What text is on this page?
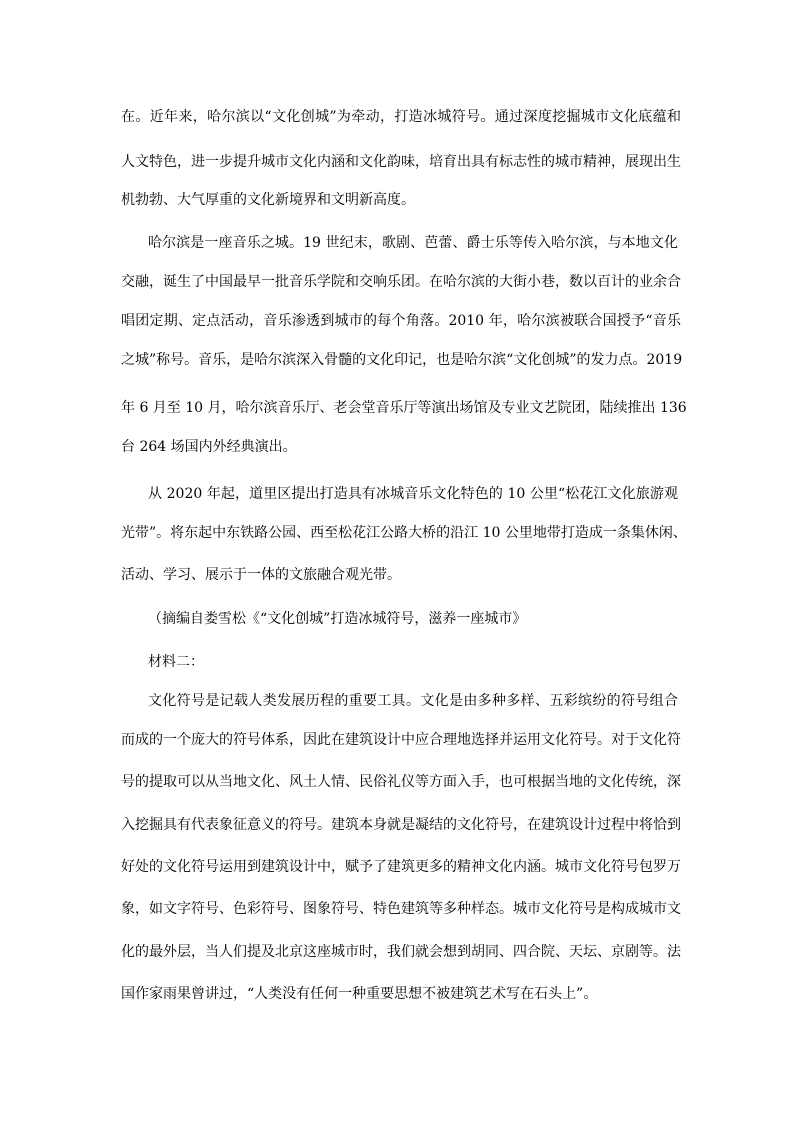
在。近年来，哈尔滨以“文化创城”为牵动，打造冰城符号。通过深度挖掘城市文化底蕴和
人文特色，进一步提升城市文化内涵和文化韵味，培育出具有标志性的城市精神，展现出生
机勃勃、大气厚重的文化新境界和文明新高度。
哈尔滨是一座音乐之城。19 世纪末，歌剧、芭蕾、爵士乐等传入哈尔滨，与本地文化
交融，诞生了中国最早一批音乐学院和交响乐团。在哈尔滨的大街小巷，数以百计的业余合
唱团定期、定点活动，音乐渗透到城市的每个角落。2010 年，哈尔滨被联合国授予“音乐
之城”称号。音乐，是哈尔滨深入骨髓的文化印记，也是哈尔滨“文化创城”的发力点。2019
年 6 月至 10 月，哈尔滨音乐厅、老会堂音乐厅等演出场馆及专业文艺院团，陆续推出 136
台 264 场国内外经典演出。
从 2020 年起，道里区提出打造具有冰城音乐文化特色的 10 公里“松花江文化旅游观
光带”。将东起中东铁路公园、西至松花江公路大桥的沿江 10 公里地带打造成一条集休闲、
活动、学习、展示于一体的文旅融合观光带。
（摘编自娄雪松《“文化创城”打造冰城符号，滋养一座城市》
材料二：
文化符号是记载人类发展历程的重要工具。文化是由多种多样、五彩缤纷的符号组合
而成的一个庞大的符号体系，因此在建筑设计中应合理地选择并运用文化符号。对于文化符
号的提取可以从当地文化、风土人情、民俗礼仪等方面入手，也可根据当地的文化传统，深
入挖掘具有代表象征意义的符号。建筑本身就是凝结的文化符号，在建筑设计过程中将恰到
好处的文化符号运用到建筑设计中，赋予了建筑更多的精神文化内涵。城市文化符号包罗万
象，如文字符号、色彩符号、图象符号、特色建筑等多种样态。城市文化符号是构成城市文
化的最外层，当人们提及北京这座城市时，我们就会想到胡同、四合院、天坛、京剧等。法
国作家雨果曾讲过，“人类没有任何一种重要思想不被建筑艺术写在石头上”。
